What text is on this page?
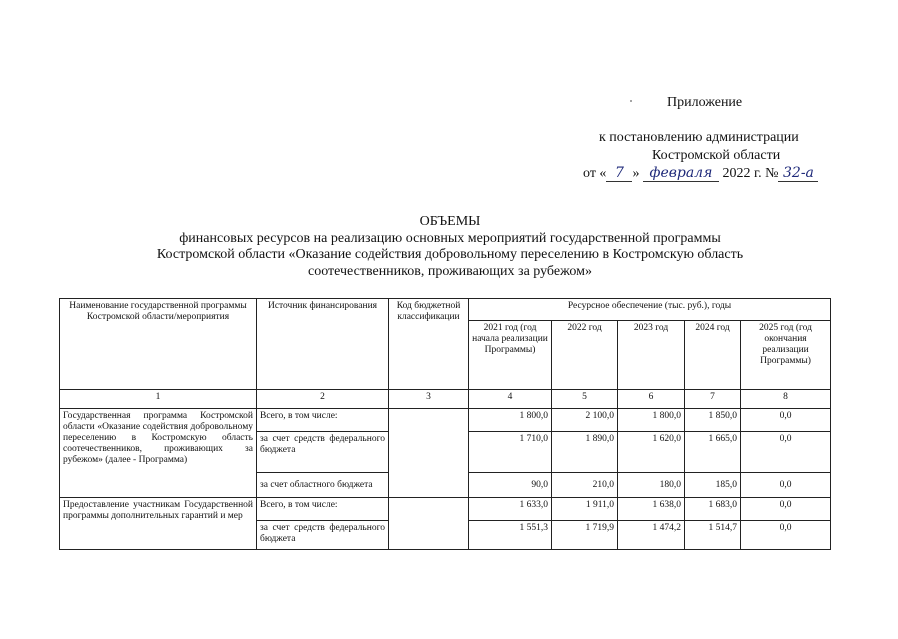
Приложение
к постановлению администрации
Костромской области
от « 7 »
февраля
2022 г. № 32-а
ОБЪЕМЫ
финансовых ресурсов на реализацию основных мероприятий государственной программы
Костромской области «Оказание содействия добровольному переселению в Костромскую область
соотечественников, проживающих за рубежом»
Наименование государственной программы Костромской области/мероприятия	Источник финансирования	Код бюджетной классификации	Ресурсное обеспечение (тыс. руб.), годы				
			2021 год (год начала реализации Программы)	2022 год	2023 год	2024 год	2025 год (год окончания реализации Программы)
1	2	3	4	5	6	7	8
Государственная программа Костромской области «Оказание содействия добровольному переселению в Костромскую область соотечественников, проживающих за рубежом» (далее - Программа)	Всего, в том числе:		1 800,0	2 100,0	1 800,0	1 850,0	0,0
	за счет средств федерального бюджета		1 710,0	1 890,0	1 620,0	1 665,0	0,0
	за счет областного бюджета		90,0	210,0	180,0	185,0	0,0
Предоставление участникам Государственной программы дополнительных гарантий и мер	Всего, в том числе:		1 633,0	1 911,0	1 638,0	1 683,0	0,0
	за счет средств федерального бюджета		1 551,3	1 719,9	1 474,2	1 514,7	0,0
